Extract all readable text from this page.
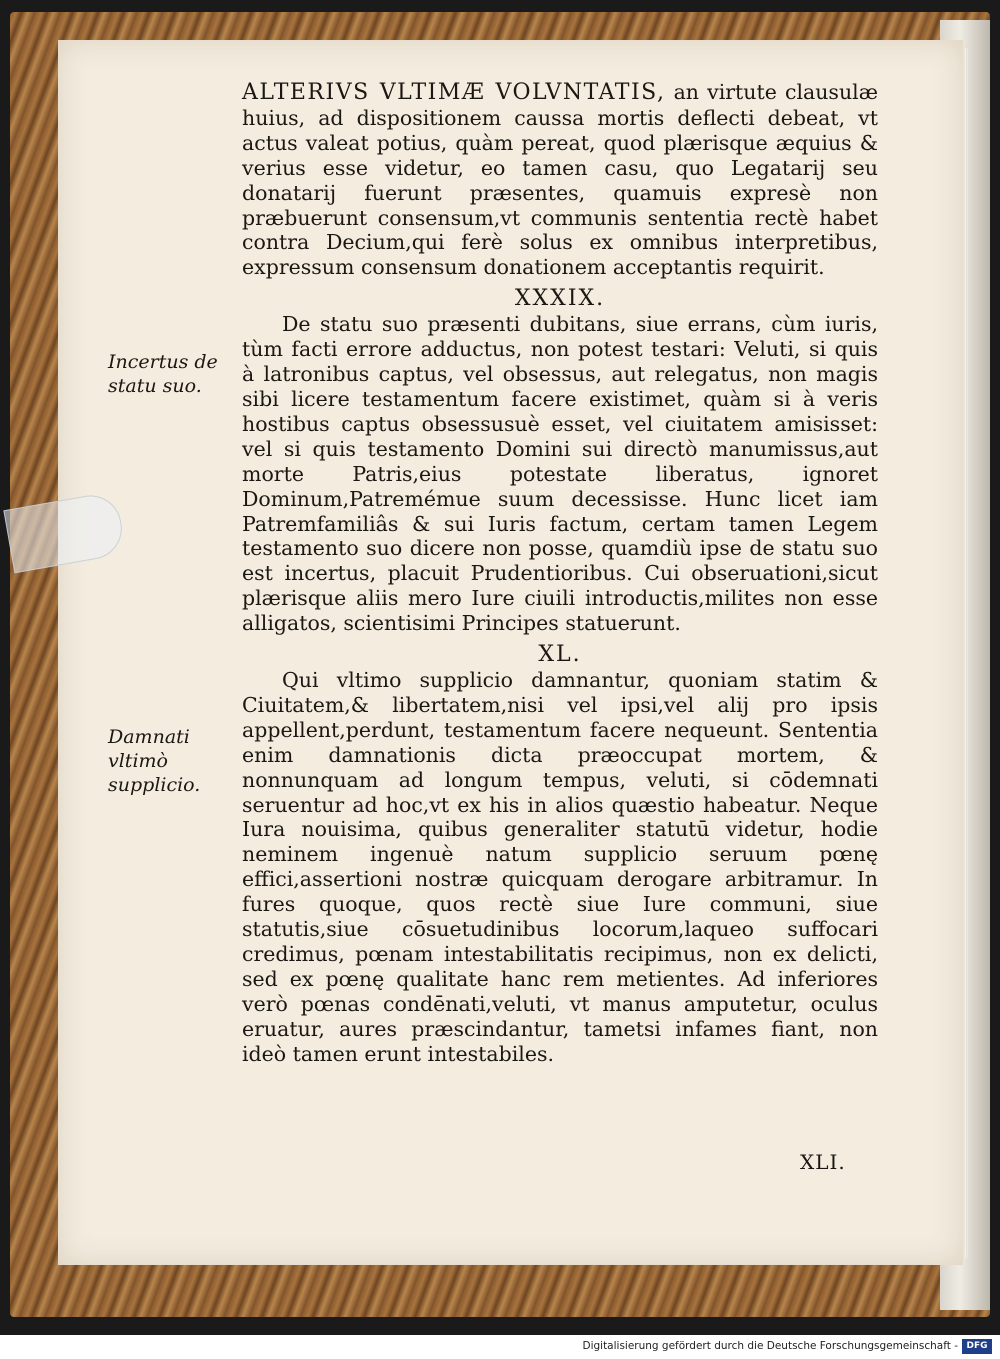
ALTERIVS VLTIMÆ VOLVNTATIS, an virtute clausulæ huius, ad dispositionem caussa mortis deflecti debeat, vt actus valeat potius, quàm pereat, quod plærisque æquius & verius esse videtur, eo tamen casu, quo Legatarij seu donatarij fuerunt præsentes, quamuis expresè non præbuerunt consensum,vt communis sententia rectè habet contra Decium,qui ferè solus ex omnibus interpretibus, expressum consensum donationem acceptantis requirit.

XXXIX.

De statu suo præsenti dubitans, siue errans, cùm iuris, tùm facti errore adductus, non potest testari: Veluti, si quis à latronibus captus, vel obsessus, aut relegatus, non magis sibi licere testamentum facere existimet, quàm si à veris hostibus captus obsessusuè esset, vel ciuitatem amisisset: vel si quis testamento Domini sui directò manumissus,aut morte Patris,eius potestate liberatus, ignoret Dominum,Patremémue suum decessisse. Hunc licet iam Patremfamiliâs & sui Iuris factum, certam tamen Legem testamento suo dicere non posse, quamdiù ipse de statu suo est incertus, placuit Prudentioribus. Cui obseruationi,sicut plærisque aliis mero Iure ciuili introductis,milites non esse alligatos, scientisimi Principes statuerunt.

XL.

Qui vltimo supplicio damnantur, quoniam statim & Ciuitatem,& libertatem,nisi vel ipsi,vel alij pro ipsis appellent,perdunt, testamentum facere nequeunt. Sententia enim damnationis dicta præoccupat mortem, & nonnunquam ad longum tempus, veluti, si cōdemnati seruentur ad hoc,vt ex his in alios quæstio habeatur. Neque Iura nouisima, quibus generaliter statutū videtur, hodie neminem ingenuè natum supplicio seruum pœnę effici,assertioni nostræ quicquam derogare arbitramur. In fures quoque, quos rectè siue Iure communi, siue statutis,siue cōsuetudinibus locorum,laqueo suffocari credimus, pœnam intestabilitatis recipimus, non ex delicti, sed ex pœnę qualitate hanc rem metientes. Ad inferiores verò pœnas condēnati,veluti, vt manus amputetur, oculus eruatur, aures præscindantur, tametsi infames fiant, non ideò tamen erunt intestabiles.

Incertus de statu suo.
Damnati vltimò supplicio.
XLI.
Digitalisierung gefördert durch die Deutsche Forschungsgemeinschaft - DFG
